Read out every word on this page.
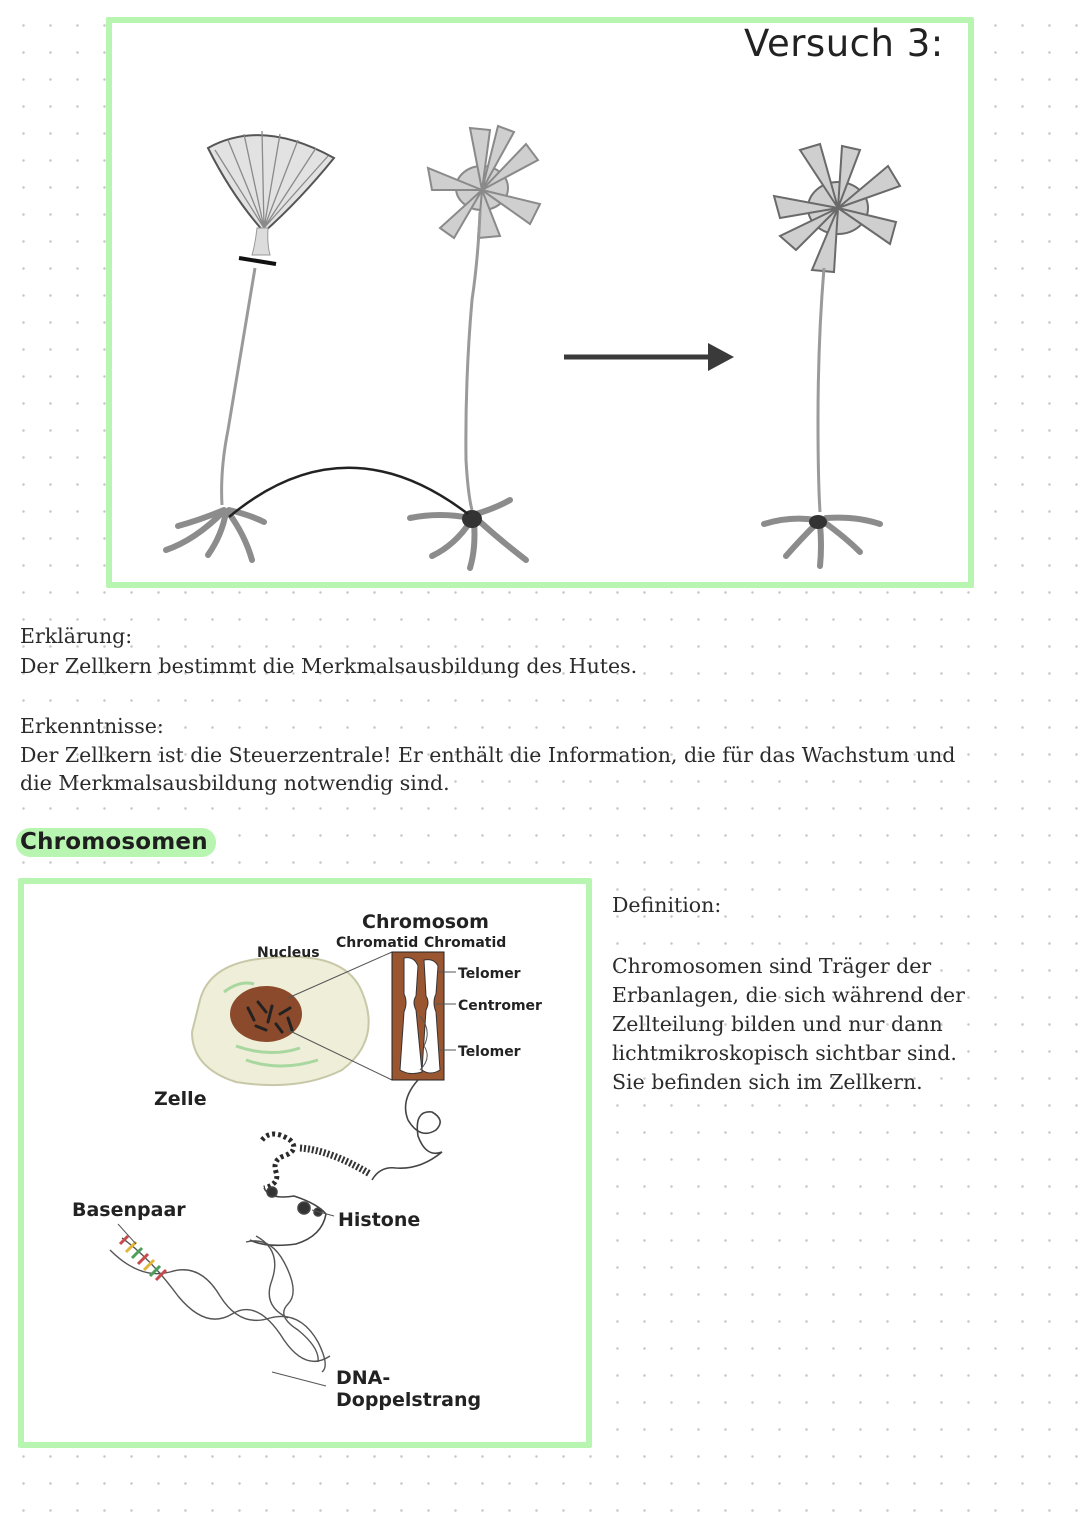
Versuch 3:
Erklärung:
Der Zellkern bestimmt die Merkmalsausbildung des Hutes.
Erkenntnisse:
Der Zellkern ist die Steuerzentrale! Er enthält die Information, die für das Wachstum und
die Merkmalsausbildung notwendig sind.
Chromosomen
Chromosom
Chromatid Chromatid
Nucleus
Telomer
Centromer
Telomer
Zelle
Histone
Basenpaar
DNA-
Doppelstrang
Definition:
Chromosomen sind Träger der
Erbanlagen, die sich während der
Zellteilung bilden und nur dann
lichtmikroskopisch sichtbar sind.
Sie befinden sich im Zellkern.
